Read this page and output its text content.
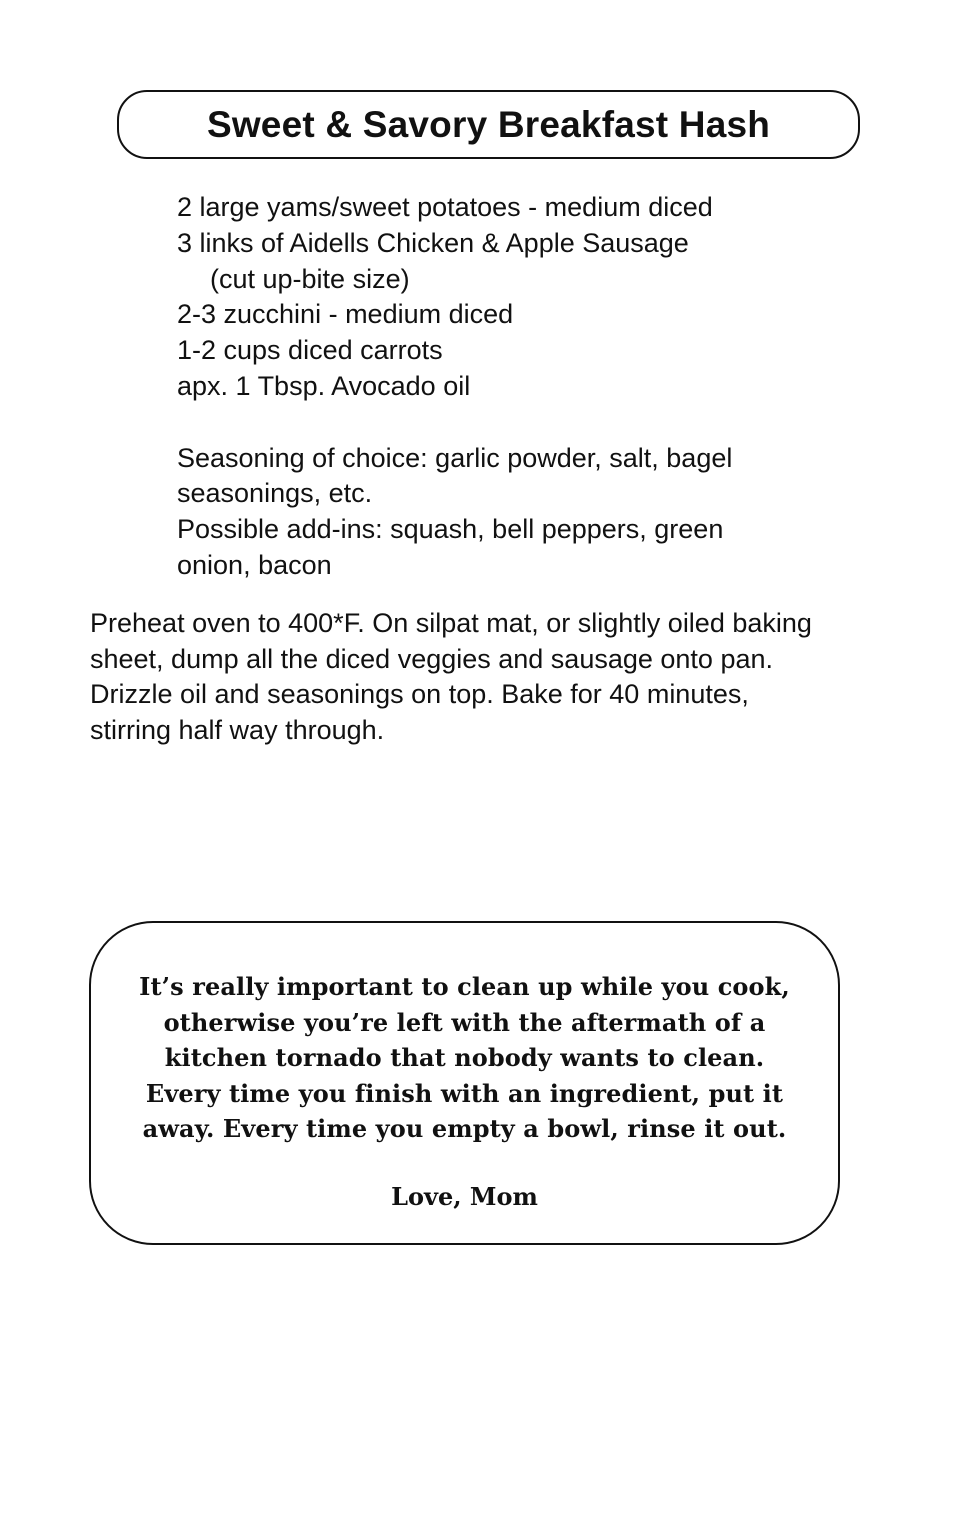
Sweet & Savory Breakfast Hash
2 large yams/sweet potatoes - medium diced
3 links of Aidells Chicken & Apple Sausage
(cut up-bite size)
2-3 zucchini - medium diced
1-2 cups diced carrots
apx. 1 Tbsp. Avocado oil
Seasoning of choice: garlic powder, salt, bagel
seasonings, etc.
Possible add-ins: squash, bell peppers, green
onion, bacon
Preheat oven to 400*F. On silpat mat, or slightly oiled baking
sheet, dump all the diced veggies and sausage onto pan.
Drizzle oil and seasonings on top. Bake for 40 minutes,
stirring half way through.
It’s really important to clean up while you cook,
otherwise you’re left with the aftermath of a
kitchen tornado that nobody wants to clean.
Every time you finish with an ingredient, put it
away. Every time you empty a bowl, rinse it out.
Love, Mom
